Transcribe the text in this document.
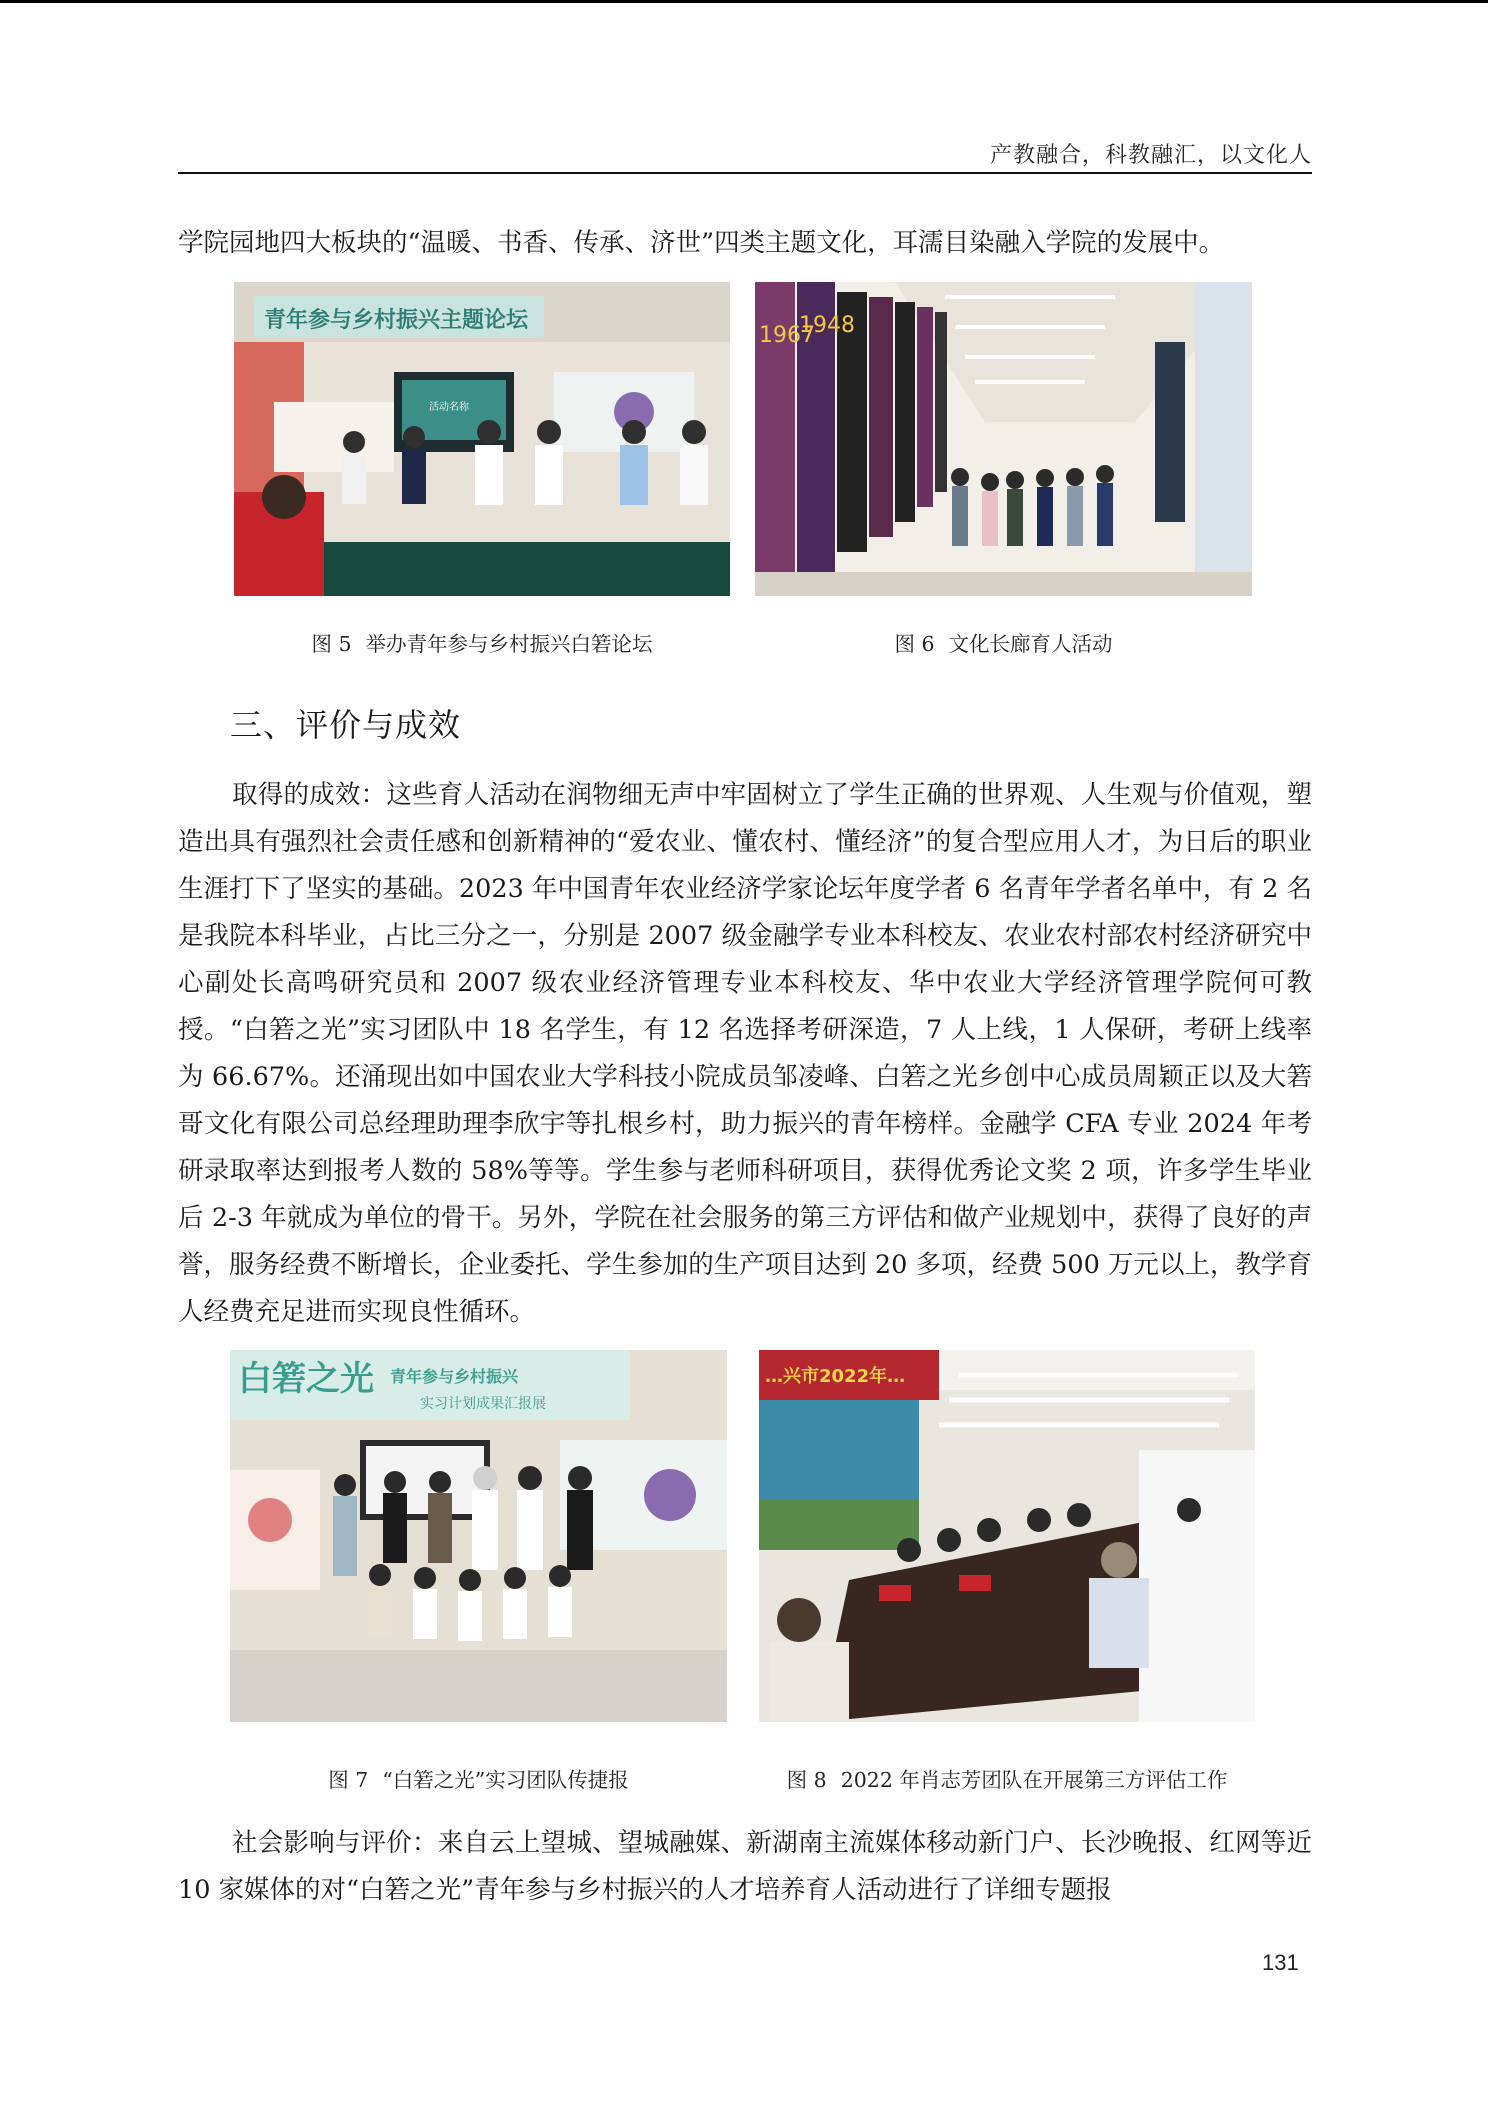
产教融合，科教融汇，以文化人

学院园地四大板块的“温暖、书香、传承、济世”四类主题文化，耳濡目染融入学院的发展中。

青年参与乡村振兴主题论坛
活动名称
1967
1948
图 5 举办青年参与乡村振兴白箬论坛	图 6 文化长廊育人活动
三、评价与成效

取得的成效：这些育人活动在润物细无声中牢固树立了学生正确的世界观、人生观与价值观，塑造出具有强烈社会责任感和创新精神的“爱农业、懂农村、懂经济”的复合型应用人才，为日后的职业生涯打下了坚实的基础。2023 年中国青年农业经济学家论坛年度学者 6 名青年学者名单中，有 2 名是我院本科毕业，占比三分之一，分别是 2007 级金融学专业本科校友、农业农村部农村经济研究中心副处长高鸣研究员和 2007 级农业经济管理专业本科校友、华中农业大学经济管理学院何可教授。“白箬之光”实习团队中 18 名学生，有 12 名选择考研深造，7 人上线，1 人保研，考研上线率为 66.67%。还涌现出如中国农业大学科技小院成员邹凌峰、白箬之光乡创中心成员周颖正以及大箬哥文化有限公司总经理助理李欣宇等扎根乡村，助力振兴的青年榜样。金融学 CFA 专业 2024 年考研录取率达到报考人数的 58%等等。学生参与老师科研项目，获得优秀论文奖 2 项，许多学生毕业后 2-3 年就成为单位的骨干。另外，学院在社会服务的第三方评估和做产业规划中，获得了良好的声誉，服务经费不断增长，企业委托、学生参加的生产项目达到 20 多项，经费 500 万元以上，教学育人经费充足进而实现良性循环。

白箬之光 青年参与乡村振兴
实习计划成果汇报展
…兴市2022年…
图 7 “白箬之光”实习团队传捷报	图 8 2022 年肖志芳团队在开展第三方评估工作

社会影响与评价：来自云上望城、望城融媒、新湖南主流媒体移动新门户、长沙晚报、红网等近 10 家媒体的对“白箬之光”青年参与乡村振兴的人才培养育人活动进行了详细专题报

131
